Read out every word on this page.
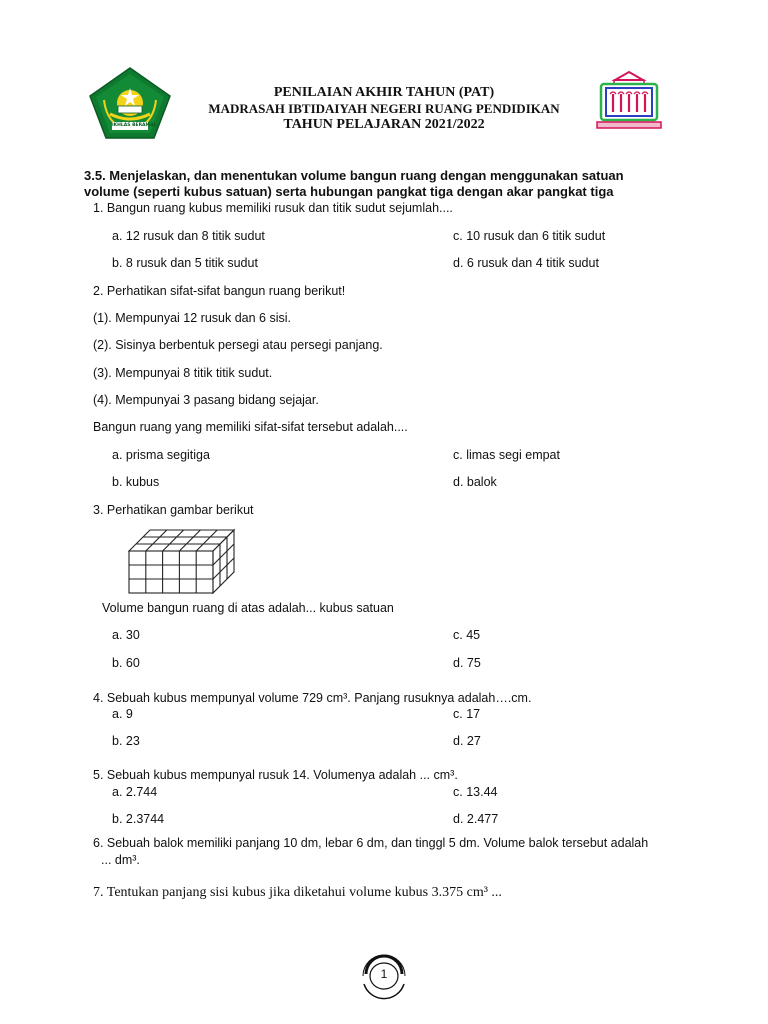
IKHLAS BERAMAL
PENILAIAN AKHIR TAHUN (PAT)
MADRASAH IBTIDAIYAH NEGERI RUANG PENDIDIKAN
TAHUN PELAJARAN 2021/2022
3.5. Menjelaskan, dan menentukan volume bangun ruang dengan menggunakan satuan
volume (seperti kubus satuan) serta hubungan pangkat tiga dengan akar pangkat tiga
1. Bangun ruang kubus memiliki rusuk dan titik sudut sejumlah....
a. 12 rusuk dan 8 titik sudut	c. 10 rusuk dan 6 titik sudut
b. 8 rusuk dan 5 titik sudut	d. 6 rusuk dan 4 titik sudut
2. Perhatikan sifat-sifat bangun ruang berikut!
(1). Mempunyai 12 rusuk dan 6 sisi.
(2). Sisinya berbentuk persegi atau persegi panjang.
(3). Mempunyai 8 titik titik sudut.
(4). Mempunyai 3 pasang bidang sejajar.
Bangun ruang yang memiliki sifat-sifat tersebut adalah....
a. prisma segitiga	c. limas segi empat
b. kubus	d. balok
3. Perhatikan gambar berikut
Volume bangun ruang di atas adalah... kubus satuan
a. 30	c. 45
b. 60	d. 75
4. Sebuah kubus mempunyal volume 729 cm³. Panjang rusuknya adalah….cm.
a. 9	c. 17
b. 23	d. 27
5. Sebuah kubus mempunyal rusuk 14. Volumenya adalah ... cm³.
a. 2.744	c. 13.44
b. 2.3744	d. 2.477
6. Sebuah balok memiliki panjang 10 dm, lebar 6 dm, dan tinggl 5 dm. Volume balok tersebut adalah
... dm³.
7. Tentukan panjang sisi kubus jika diketahui volume kubus 3.375 cm³ ...
1
